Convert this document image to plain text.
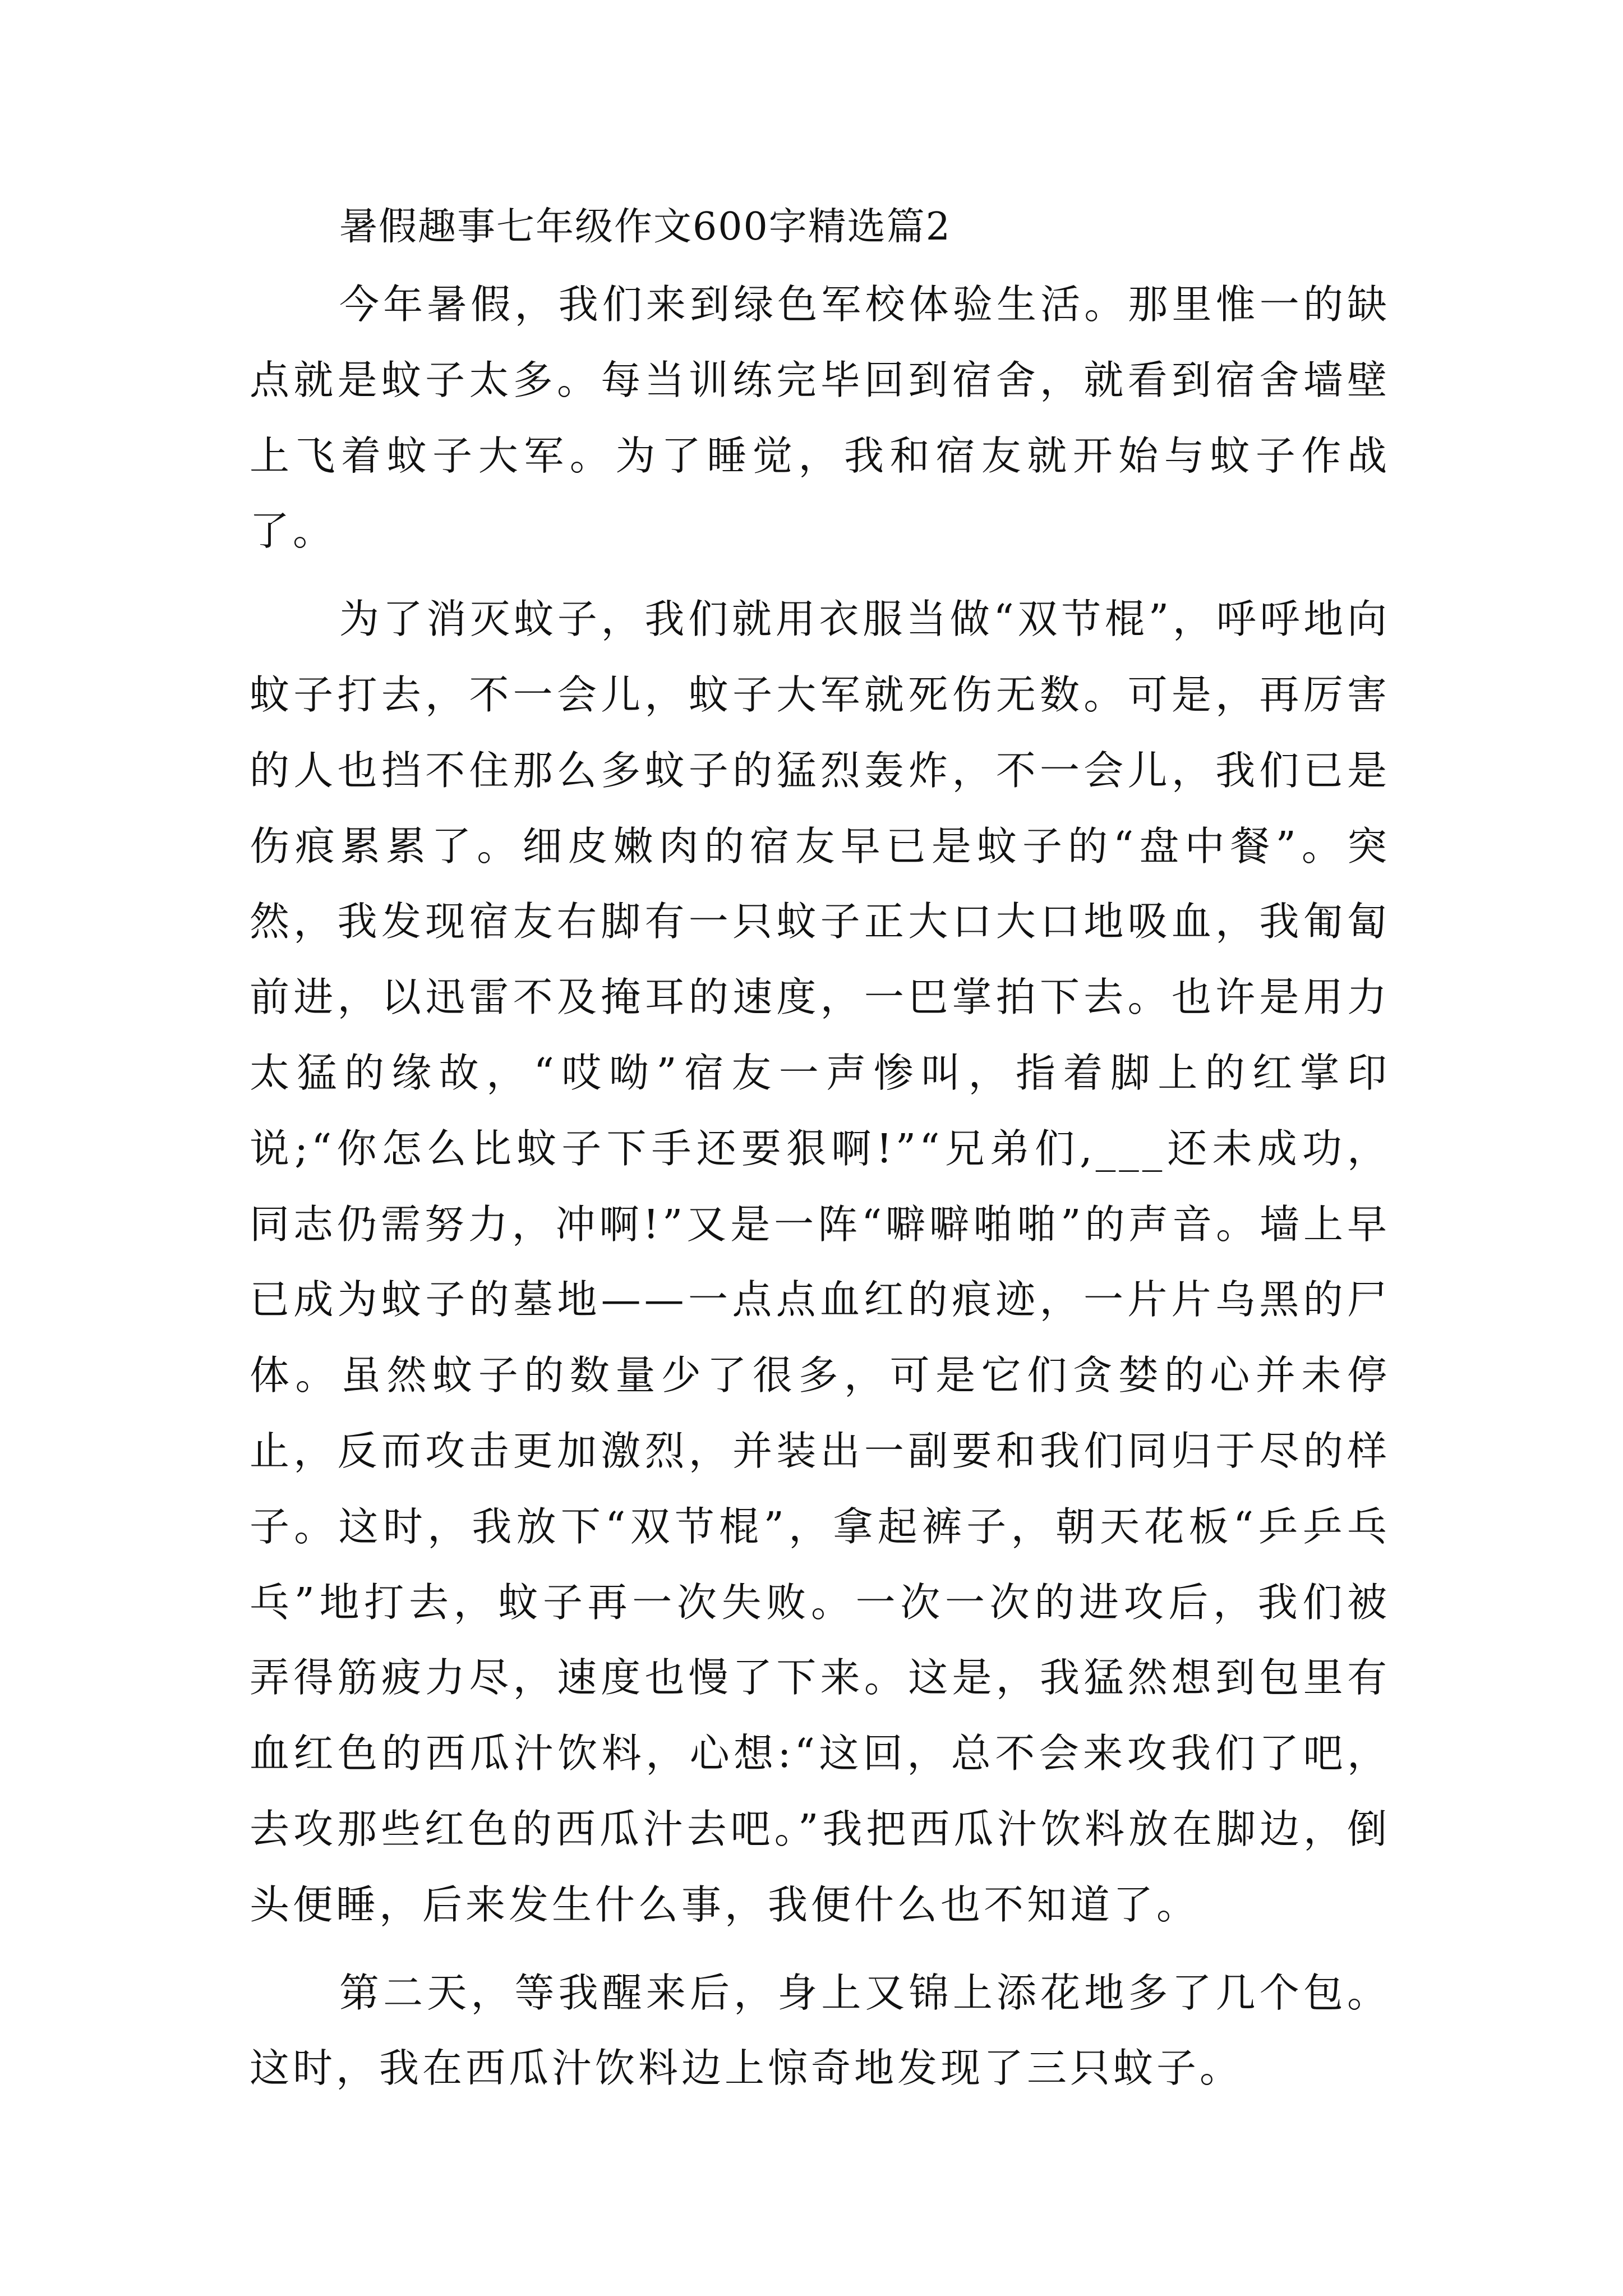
暑假趣事七年级作文600字精选篇2

今年暑假，我们来到绿色军校体验生活。那里惟一的缺点就是蚊子太多。每当训练完毕回到宿舍，就看到宿舍墙壁上飞着蚊子大军。为了睡觉，我和宿友就开始与蚊子作战了。

为了消灭蚊子，我们就用衣服当做“双节棍”，呼呼地向蚊子打去，不一会儿，蚊子大军就死伤无数。可是，再厉害的人也挡不住那么多蚊子的猛烈轰炸，不一会儿，我们已是伤痕累累了。细皮嫩肉的宿友早已是蚊子的“盘中餐”。突然，我发现宿友右脚有一只蚊子正大口大口地吸血，我匍匐前进，以迅雷不及掩耳的速度，一巴掌拍下去。也许是用力太猛的缘故，“哎呦”宿友一声惨叫，指着脚上的红掌印说;“你怎么比蚊子下手还要狠啊!”“兄弟们,___还未成功，同志仍需努力，冲啊!”又是一阵“噼噼啪啪”的声音。墙上早已成为蚊子的墓地——一点点血红的痕迹，一片片乌黑的尸体。虽然蚊子的数量少了很多，可是它们贪婪的心并未停止，反而攻击更加激烈，并装出一副要和我们同归于尽的样子。这时，我放下“双节棍”，拿起裤子，朝天花板“乒乒乓乓”地打去，蚊子再一次失败。一次一次的进攻后，我们被弄得筋疲力尽，速度也慢了下来。这是，我猛然想到包里有血红色的西瓜汁饮料，心想:“这回，总不会来攻我们了吧，去攻那些红色的西瓜汁去吧。”我把西瓜汁饮料放在脚边，倒头便睡，后来发生什么事，我便什么也不知道了。

第二天，等我醒来后，身上又锦上添花地多了几个包。这时，我在西瓜汁饮料边上惊奇地发现了三只蚊子。
